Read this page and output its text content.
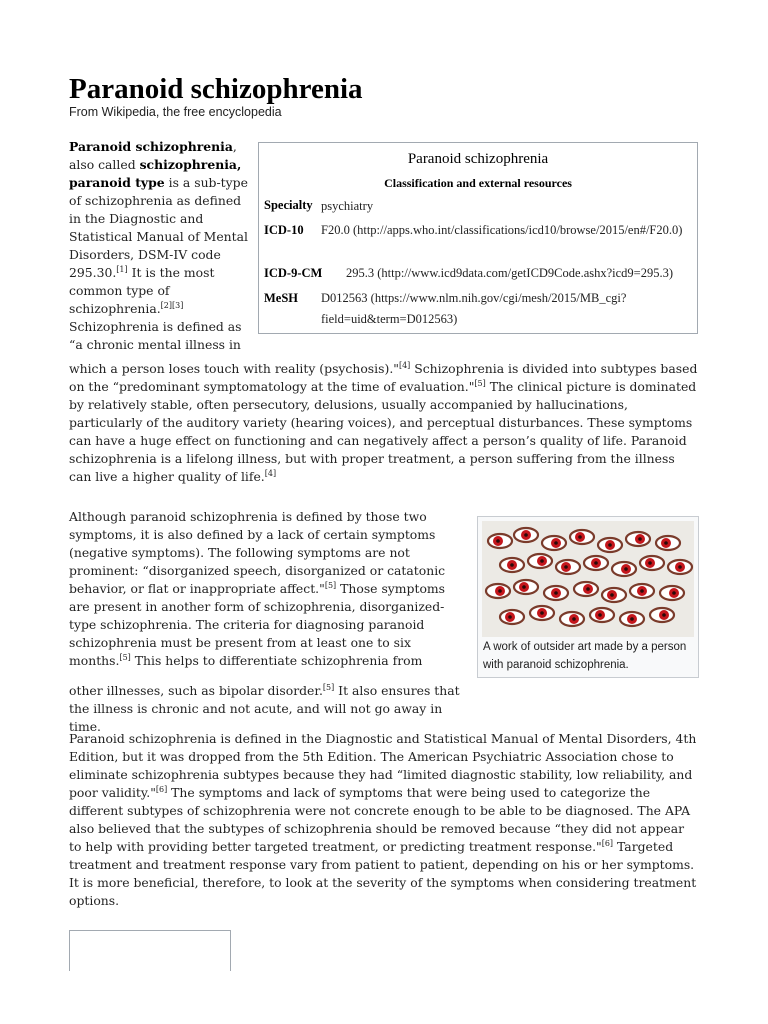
Paranoid schizophrenia
From Wikipedia, the free encyclopedia
Paranoid schizophrenia, also called schizophrenia, paranoid type is a sub-type of schizophrenia as defined in the Diagnostic and Statistical Manual of Mental Disorders, DSM-IV code 295.30.[1] It is the most common type of schizophrenia.[2][3] Schizophrenia is defined as “a chronic mental illness in
which a person loses touch with reality (psychosis)."[4] Schizophrenia is divided into subtypes based on the “predominant symptomatology at the time of evaluation."[5] The clinical picture is dominated by relatively stable, often persecutory, delusions, usually accompanied by hallucinations, particularly of the auditory variety (hearing voices), and perceptual disturbances. These symptoms can have a huge effect on functioning and can negatively affect a person’s quality of life. Paranoid schizophrenia is a lifelong illness, but with proper treatment, a person suffering from the illness can live a higher quality of life.[4]
Paranoid schizophrenia
Classification and external resources
Specialty psychiatry
ICD-10 F20.0 (http://apps.who.int/classifications/icd10/browse/2015/en#/F20.0)
ICD-9-CM 295.3 (http://www.icd9data.com/getICD9Code.ashx?icd9=295.3)
MeSH D012563 (https://www.nlm.nih.gov/cgi/mesh/2015/MB_cgi?field=uid&term=D012563)
Although paranoid schizophrenia is defined by those two symptoms, it is also defined by a lack of certain symptoms (negative symptoms). The following symptoms are not prominent: “disorganized speech, disorganized or catatonic behavior, or flat or inappropriate affect."[5] Those symptoms are present in another form of schizophrenia, disorganized-type schizophrenia. The criteria for diagnosing paranoid schizophrenia must be present from at least one to six months.[5] This helps to differentiate schizophrenia from
other illnesses, such as bipolar disorder.[5] It also ensures that the illness is chronic and not acute, and will not go away in time.
A work of outsider art made by a person with paranoid schizophrenia.
Paranoid schizophrenia is defined in the Diagnostic and Statistical Manual of Mental Disorders, 4th Edition, but it was dropped from the 5th Edition. The American Psychiatric Association chose to eliminate schizophrenia subtypes because they had “limited diagnostic stability, low reliability, and poor validity."[6] The symptoms and lack of symptoms that were being used to categorize the different subtypes of schizophrenia were not concrete enough to be able to be diagnosed. The APA also believed that the subtypes of schizophrenia should be removed because “they did not appear to help with providing better targeted treatment, or predicting treatment response."[6] Targeted treatment and treatment response vary from patient to patient, depending on his or her symptoms. It is more beneficial, therefore, to look at the severity of the symptoms when considering treatment options.
